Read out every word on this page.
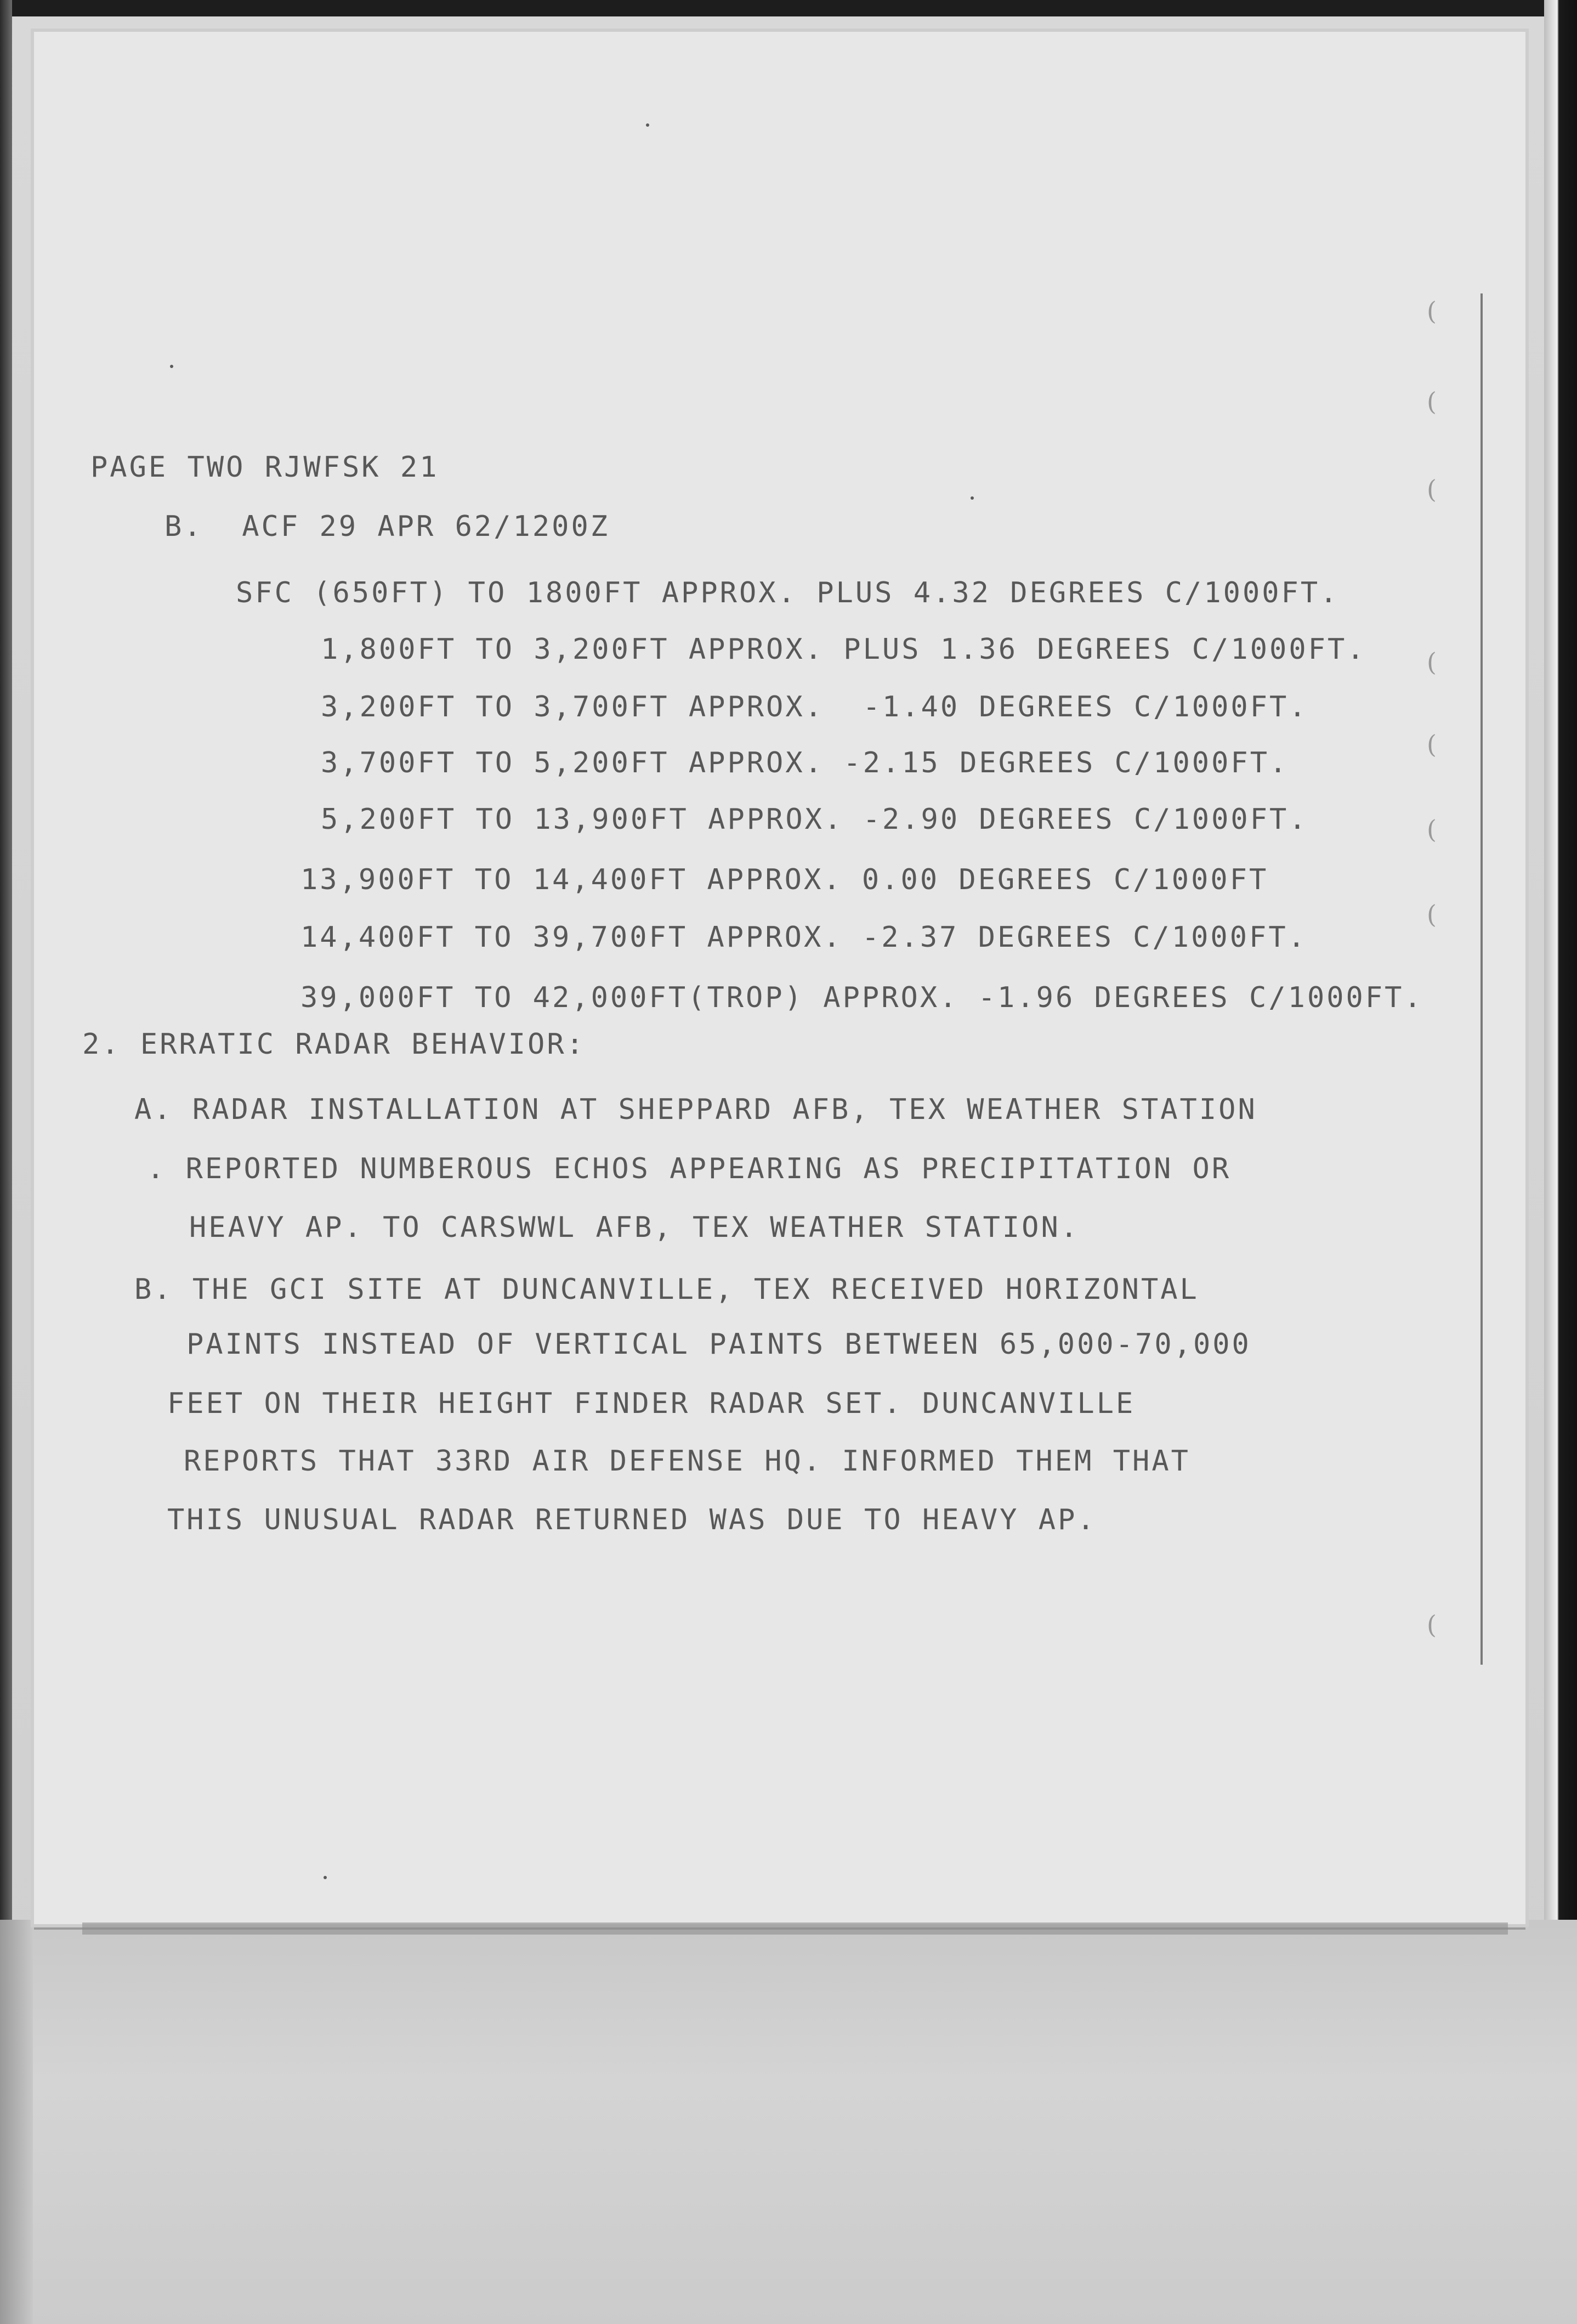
(
(
(
(
(
(
(
(

PAGE TWO RJWFSK 21

B.  ACF 29 APR 62/1200Z

SFC (650FT) TO 1800FT APPROX. PLUS 4.32 DEGREES C/1000FT.

1,800FT TO 3,200FT APPROX. PLUS 1.36 DEGREES C/1000FT.

3,200FT TO 3,700FT APPROX.  -1.40 DEGREES C/1000FT.

3,700FT TO 5,200FT APPROX. -2.15 DEGREES C/1000FT.

5,200FT TO 13,900FT APPROX. -2.90 DEGREES C/1000FT.

13,900FT TO 14,400FT APPROX. 0.00 DEGREES C/1000FT

14,400FT TO 39,700FT APPROX. -2.37 DEGREES C/1000FT.

39,000FT TO 42,000FT(TROP) APPROX. -1.96 DEGREES C/1000FT.

2. ERRATIC RADAR BEHAVIOR:

A. RADAR INSTALLATION AT SHEPPARD AFB, TEX WEATHER STATION

. REPORTED NUMBEROUS ECHOS APPEARING AS PRECIPITATION OR

HEAVY AP. TO CARSWWL AFB, TEX WEATHER STATION.

B. THE GCI SITE AT DUNCANVILLE, TEX RECEIVED HORIZONTAL

PAINTS INSTEAD OF VERTICAL PAINTS BETWEEN 65,000-70,000

FEET ON THEIR HEIGHT FINDER RADAR SET. DUNCANVILLE

REPORTS THAT 33RD AIR DEFENSE HQ. INFORMED THEM THAT

THIS UNUSUAL RADAR RETURNED WAS DUE TO HEAVY AP.
